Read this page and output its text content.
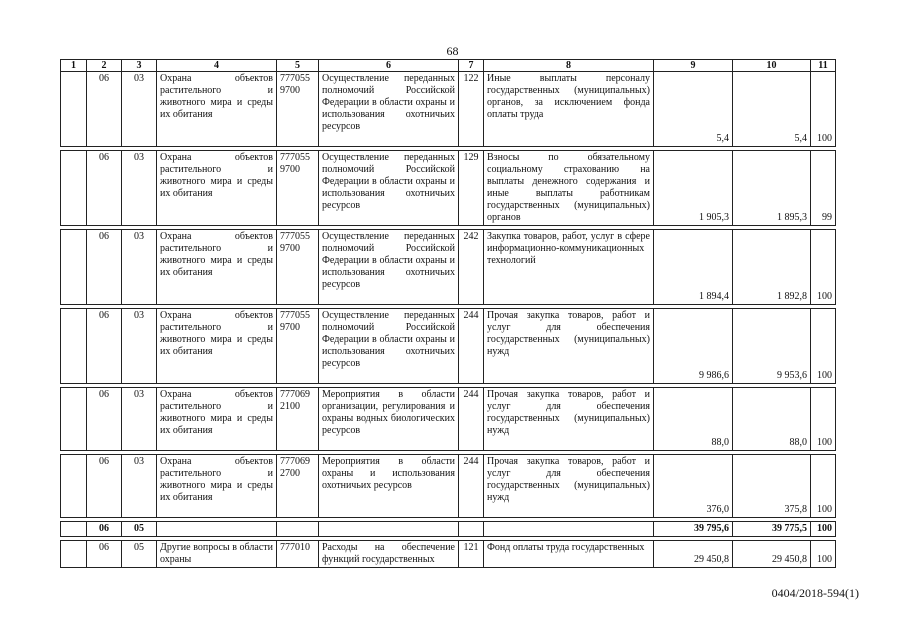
68
1	2	3	4	5	6	7	8	9	10	11
	06	03	Охрана объектов растительного и животного мира и среды их обитания	777055 9700	Осуществление переданных полномочий Российской Федерации в области охраны и использования охотничьих ресурсов	122	Иные выплаты персоналу государственных (муниципальных) органов, за исключением фонда оплаты труда	5,4	5,4	100

	06	03	Охрана объектов растительного и животного мира и среды их обитания	777055 9700	Осуществление переданных полномочий Российской Федерации в области охраны и использования охотничьих ресурсов	129	Взносы по обязательному социальному страхованию на выплаты денежного содержания и иные выплаты работникам государственных (муниципальных) органов	1 905,3	1 895,3	99

	06	03	Охрана объектов растительного и животного мира и среды их обитания	777055 9700	Осуществление переданных полномочий Российской Федерации в области охраны и использования охотничьих ресурсов	242	Закупка товаров, работ, услуг в сфере информационно-коммуникационных технологий	1 894,4	1 892,8	100

	06	03	Охрана объектов растительного и животного мира и среды их обитания	777055 9700	Осуществление переданных полномочий Российской Федерации в области охраны и использования охотничьих ресурсов	244	Прочая закупка товаров, работ и услуг для обеспечения государственных (муниципальных) нужд	9 986,6	9 953,6	100

	06	03	Охрана объектов растительного и животного мира и среды их обитания	777069 2100	Мероприятия в области организации, регулирования и охраны водных биологических ресурсов	244	Прочая закупка товаров, работ и услуг для обеспечения государственных (муниципальных) нужд	88,0	88,0	100

	06	03	Охрана объектов растительного и животного мира и среды их обитания	777069 2700	Мероприятия в области охраны и использования охотничьих ресурсов	244	Прочая закупка товаров, работ и услуг для обеспечения государственных (муниципальных) нужд	376,0	375,8	100

	06	05						39 795,6	39 775,5	100

	06	05	Другие вопросы в области охраны	777010	Расходы на обеспечение функций государственных	121	Фонд оплаты труда государственных	29 450,8	29 450,8	100
0404/2018-594(1)
